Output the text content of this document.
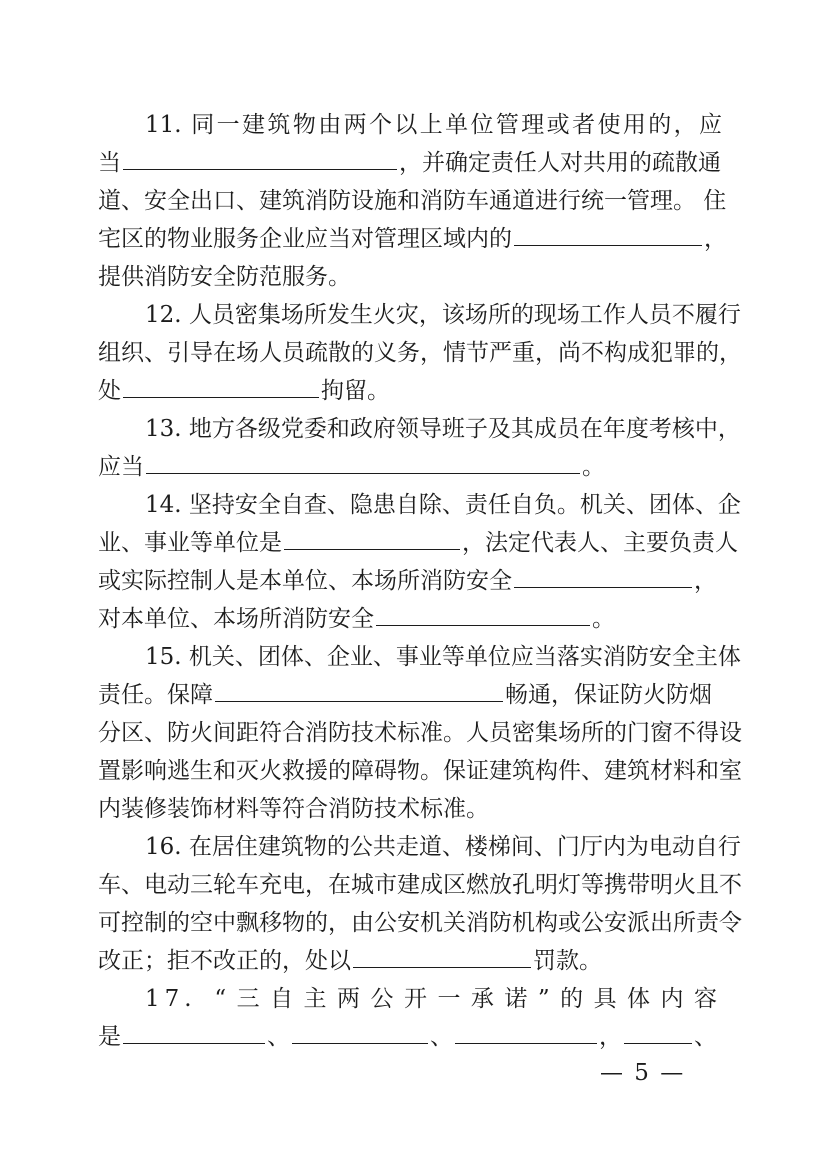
11. 同一建筑物由两个以上单位管理或者使用的，应
当	，并确定责任人对共用的疏散通
道、安全出口、建筑消防设施和消防车通道进行统一管理。 住
宅区的物业服务企业应当对管理区域内的	，
提供消防安全防范服务。
12. 人员密集场所发生火灾，该场所的现场工作人员不履行
组织、引导在场人员疏散的义务，情节严重，尚不构成犯罪的，
处	拘留。
13. 地方各级党委和政府领导班子及其成员在年度考核中，
应当	。
14. 坚持安全自查、隐患自除、责任自负。机关、团体、企
业、事业等单位是	，法定代表人、主要负责人
或实际控制人是本单位、本场所消防安全	，
对本单位、本场所消防安全	。
15. 机关、团体、企业、事业等单位应当落实消防安全主体
责任。保障	畅通，保证防火防烟
分区、防火间距符合消防技术标准。人员密集场所的门窗不得设
置影响逃生和灭火救援的障碍物。保证建筑构件、建筑材料和室
内装修装饰材料等符合消防技术标准。
16. 在居住建筑物的公共走道、楼梯间、门厅内为电动自行
车、电动三轮车充电，在城市建成区燃放孔明灯等携带明火且不
可控制的空中飘移物的，由公安机关消防机构或公安派出所责令
改正；拒不改正的，处以	罚款。
17. “三自主两公开一承诺”的具体内容
是	、	、	，	、
— 5 —
